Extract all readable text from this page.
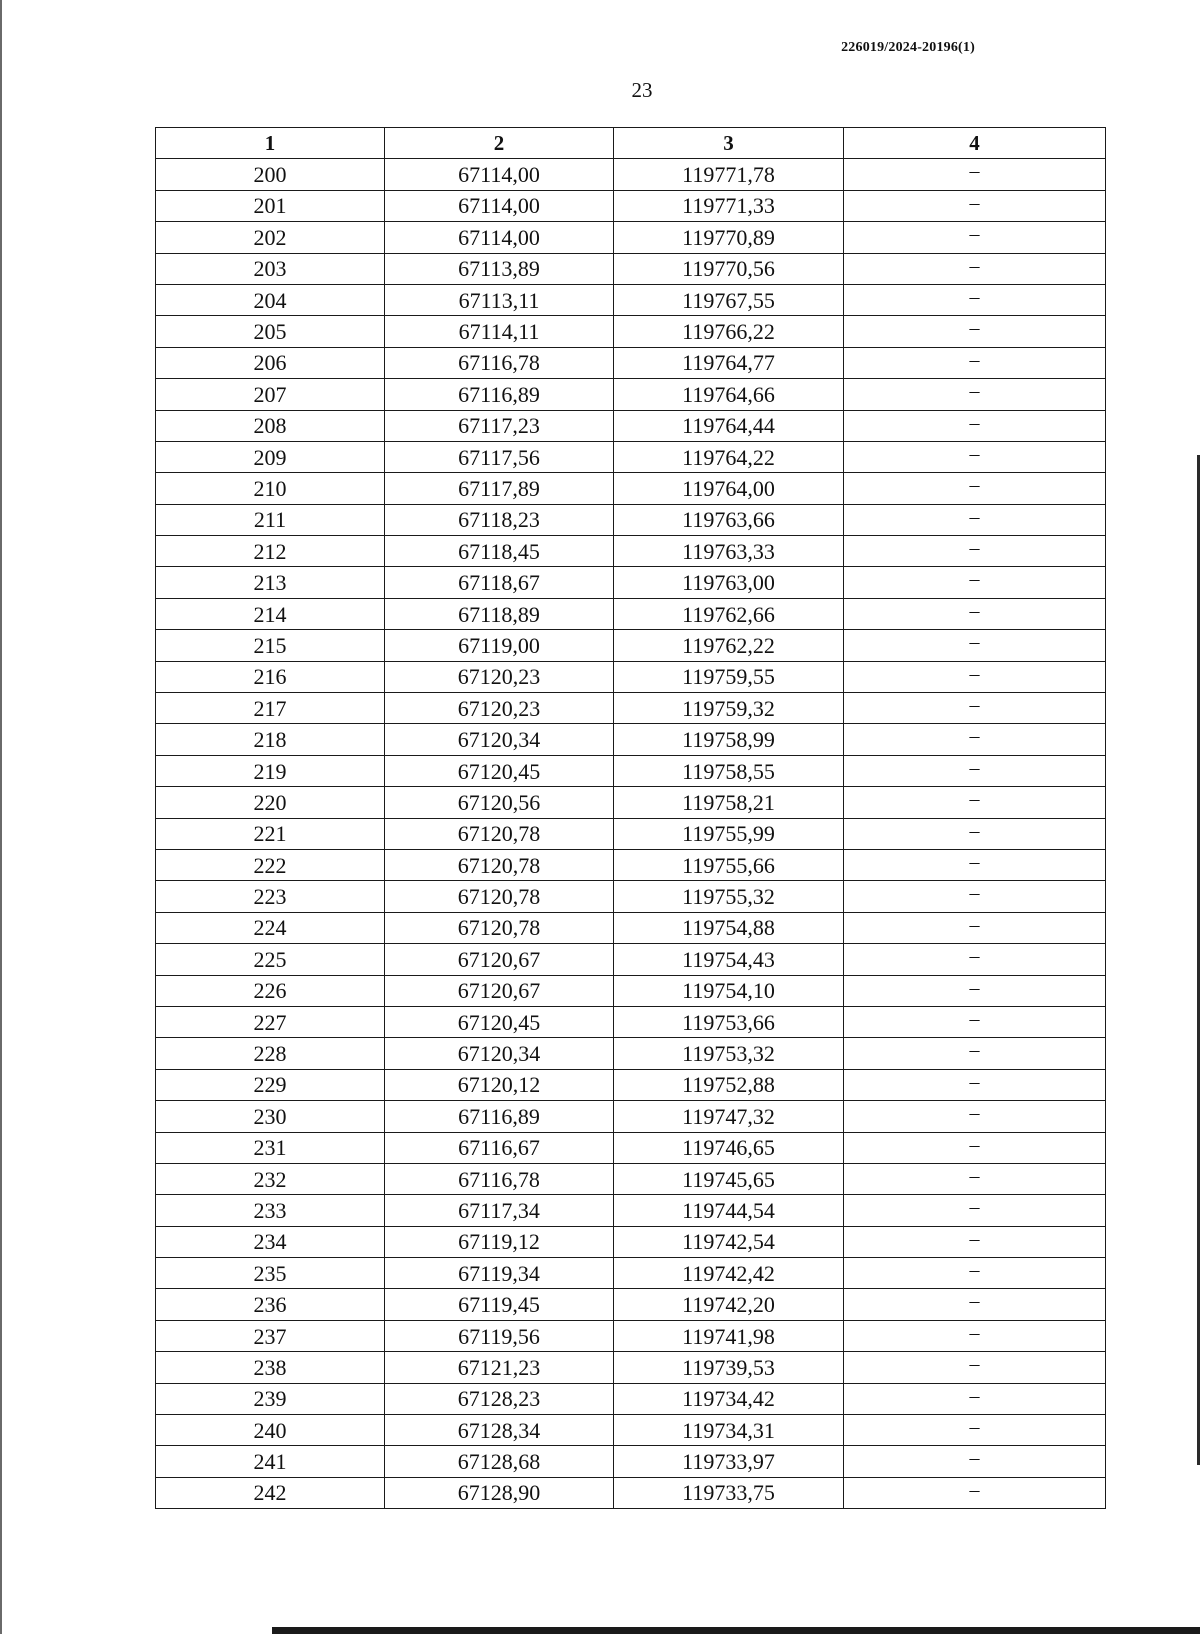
226019/2024-20196(1)
23
1	2	3	4
200	67114,00	119771,78	–
201	67114,00	119771,33	–
202	67114,00	119770,89	–
203	67113,89	119770,56	–
204	67113,11	119767,55	–
205	67114,11	119766,22	–
206	67116,78	119764,77	–
207	67116,89	119764,66	–
208	67117,23	119764,44	–
209	67117,56	119764,22	–
210	67117,89	119764,00	–
211	67118,23	119763,66	–
212	67118,45	119763,33	–
213	67118,67	119763,00	–
214	67118,89	119762,66	–
215	67119,00	119762,22	–
216	67120,23	119759,55	–
217	67120,23	119759,32	–
218	67120,34	119758,99	–
219	67120,45	119758,55	–
220	67120,56	119758,21	–
221	67120,78	119755,99	–
222	67120,78	119755,66	–
223	67120,78	119755,32	–
224	67120,78	119754,88	–
225	67120,67	119754,43	–
226	67120,67	119754,10	–
227	67120,45	119753,66	–
228	67120,34	119753,32	–
229	67120,12	119752,88	–
230	67116,89	119747,32	–
231	67116,67	119746,65	–
232	67116,78	119745,65	–
233	67117,34	119744,54	–
234	67119,12	119742,54	–
235	67119,34	119742,42	–
236	67119,45	119742,20	–
237	67119,56	119741,98	–
238	67121,23	119739,53	–
239	67128,23	119734,42	–
240	67128,34	119734,31	–
241	67128,68	119733,97	–
242	67128,90	119733,75	–
